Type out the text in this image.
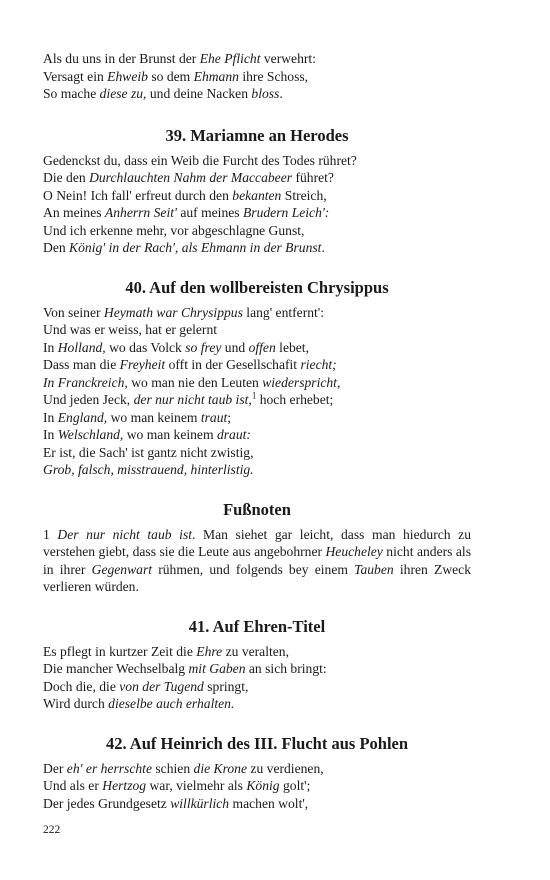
Als du uns in der Brunst der Ehe Pflicht verwehrt:
Versagt ein Ehweib so dem Ehmann ihre Schoss,
So mache diese zu, und deine Nacken bloss.
39. Mariamne an Herodes
Gedenckst du, dass ein Weib die Furcht des Todes rühret?
Die den Durchlauchten Nahm der Maccabeer führet?
O Nein! Ich fall' erfreut durch den bekanten Streich,
An meines Anherrn Seit' auf meines Brudern Leich':
Und ich erkenne mehr, vor abgeschlagne Gunst,
Den König' in der Rach', als Ehmann in der Brunst.
40. Auf den wollbereisten Chrysippus
Von seiner Heymath war Chrysippus lang' entfernt':
Und was er weiss, hat er gelernt
In Holland, wo das Volck so frey und offen lebet,
Dass man die Freyheit offt in der Gesellschafit riecht;
In Franckreich, wo man nie den Leuten wiederspricht,
Und jeden Jeck, der nur nicht taub ist,$^1$ hoch erhebet;
In England, wo man keinem traut;
In Welschland, wo man keinem draut:
Er ist, die Sach' ist gantz nicht zwistig,
Grob, falsch, misstrauend, hinterlistig.
Fußnoten

1 Der nur nicht taub ist. Man siehet gar leicht, dass man hiedurch zu verstehen giebt, dass sie die Leute aus angebohrner Heucheley nicht anders als in ihrer Gegenwart rühmen, und folgends bey einem Tauben ihren Zweck verlieren würden.

41. Auf Ehren-Titel
Es pflegt in kurtzer Zeit die Ehre zu veralten,
Die mancher Wechselbalg mit Gaben an sich bringt:
Doch die, die von der Tugend springt,
Wird durch dieselbe auch erhalten.
42. Auf Heinrich des III. Flucht aus Pohlen
Der eh' er herrschte schien die Krone zu verdienen,
Und als er Hertzog war, vielmehr als König golt';
Der jedes Grundgesetz willkürlich machen wolt',
222
